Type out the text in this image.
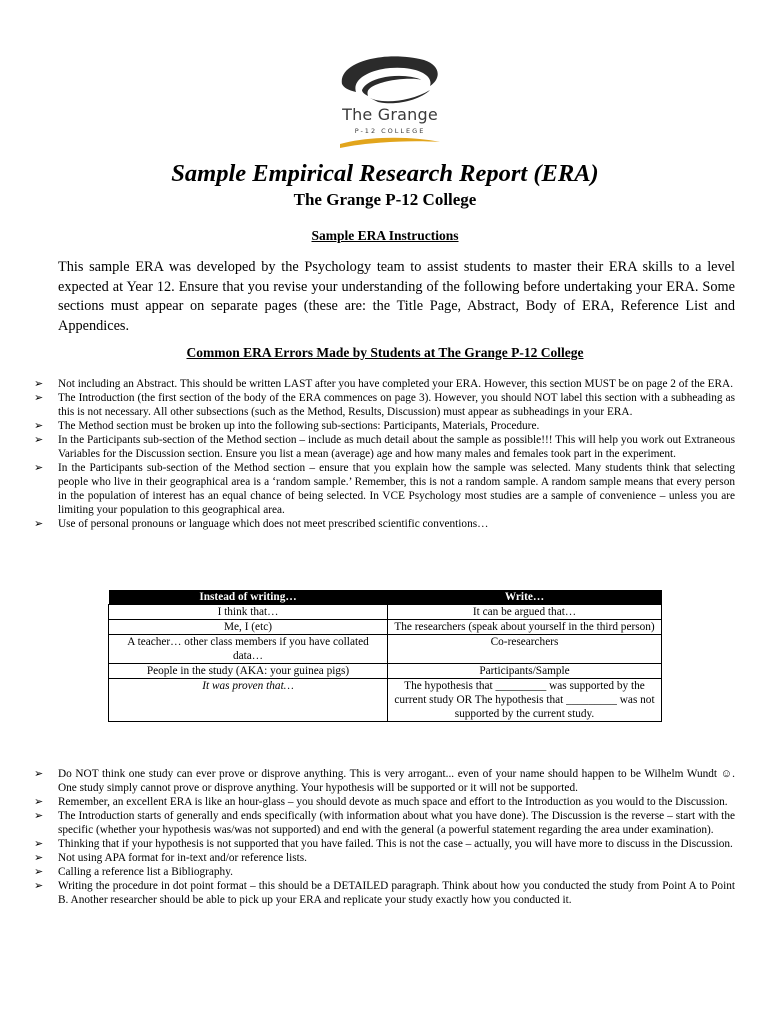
The Grange
P-12 COLLEGE
Sample Empirical Research Report (ERA)
The Grange P-12 College
Sample ERA Instructions
This sample ERA was developed by the Psychology team to assist students to master their ERA skills to a level expected at Year 12. Ensure that you revise your understanding of the following before undertaking your ERA. Some sections must appear on separate pages (these are: the Title Page, Abstract, Body of ERA, Reference List and Appendices.
Common ERA Errors Made by Students at The Grange P-12 College
➢ Not including an Abstract. This should be written LAST after you have completed your ERA. However, this section MUST be on page 2 of the ERA.
➢ The Introduction (the first section of the body of the ERA commences on page 3). However, you should NOT label this section with a subheading as this is not necessary. All other subsections (such as the Method, Results, Discussion) must appear as subheadings in your ERA.
➢ The Method section must be broken up into the following sub-sections: Participants, Materials, Procedure.
➢ In the Participants sub-section of the Method section – include as much detail about the sample as possible!!! This will help you work out Extraneous Variables for the Discussion section. Ensure you list a mean (average) age and how many males and females took part in the experiment.
➢ In the Participants sub-section of the Method section – ensure that you explain how the sample was selected. Many students think that selecting people who live in their geographical area is a ‘random sample.’ Remember, this is not a random sample. A random sample means that every person in the population of interest has an equal chance of being selected. In VCE Psychology most studies are a sample of convenience – unless you are limiting your population to this geographical area.
➢ Use of personal pronouns or language which does not meet prescribed scientific conventions…
Instead of writing…	Write…
I think that…	It can be argued that…
Me, I (etc)	The researchers (speak about yourself in the third person)
A teacher… other class members if you have collated data…	Co-researchers
People in the study (AKA: your guinea pigs)	Participants/Sample
It was proven that…	The hypothesis that _________ was supported by the current study OR The hypothesis that _________ was not supported by the current study.
➢ Do NOT think one study can ever prove or disprove anything. This is very arrogant... even of your name should happen to be Wilhelm Wundt ☺. One study simply cannot prove or disprove anything. Your hypothesis will be supported or it will not be supported.
➢ Remember, an excellent ERA is like an hour-glass – you should devote as much space and effort to the Introduction as you would to the Discussion.
➢ The Introduction starts of generally and ends specifically (with information about what you have done). The Discussion is the reverse – start with the specific (whether your hypothesis was/was not supported) and end with the general (a powerful statement regarding the area under examination).
➢ Thinking that if your hypothesis is not supported that you have failed. This is not the case – actually, you will have more to discuss in the Discussion.
➢ Not using APA format for in-text and/or reference lists.
➢ Calling a reference list a Bibliography.
➢ Writing the procedure in dot point format – this should be a DETAILED paragraph. Think about how you conducted the study from Point A to Point B. Another researcher should be able to pick up your ERA and replicate your study exactly how you conducted it.
